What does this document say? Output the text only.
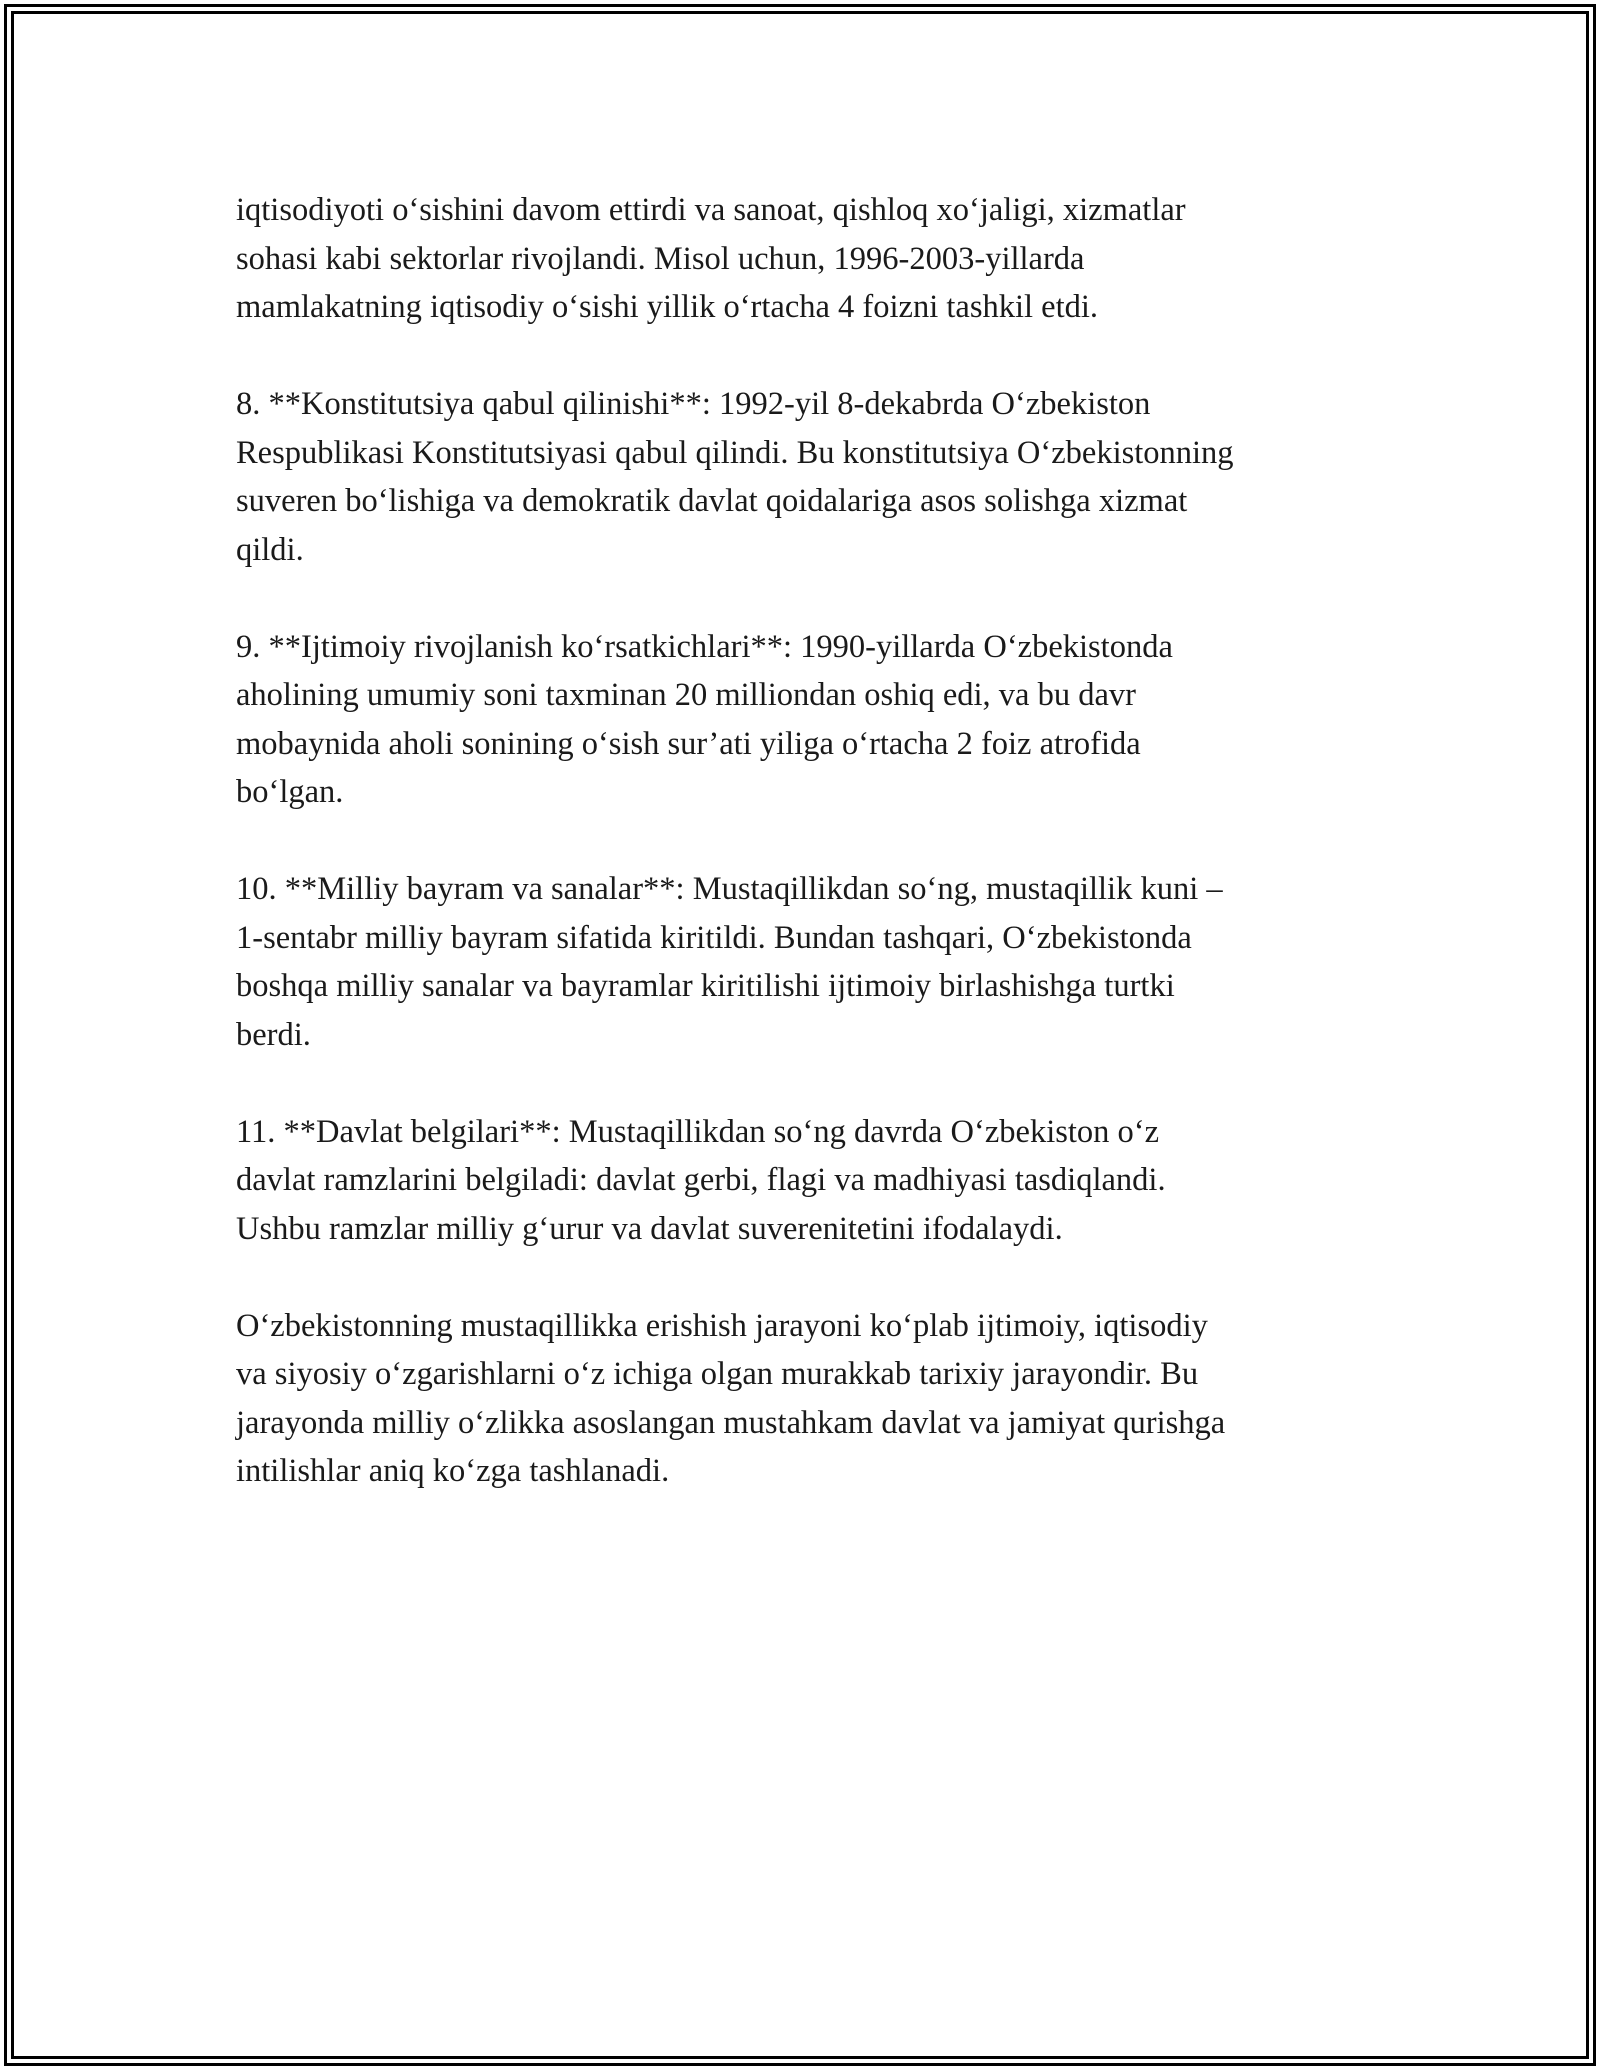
iqtisodiyoti o‘sishini davom ettirdi va sanoat, qishloq xo‘jaligi, xizmatlar
sohasi kabi sektorlar rivojlandi. Misol uchun, 1996-2003-yillarda
mamlakatning iqtisodiy o‘sishi yillik o‘rtacha 4 foizni tashkil etdi.

8. **Konstitutsiya qabul qilinishi**: 1992-yil 8-dekabrda O‘zbekiston
Respublikasi Konstitutsiyasi qabul qilindi. Bu konstitutsiya O‘zbekistonning
suveren bo‘lishiga va demokratik davlat qoidalariga asos solishga xizmat
qildi.

9. **Ijtimoiy rivojlanish ko‘rsatkichlari**: 1990-yillarda O‘zbekistonda
aholining umumiy soni taxminan 20 milliondan oshiq edi, va bu davr
mobaynida aholi sonining o‘sish sur’ati yiliga o‘rtacha 2 foiz atrofida
bo‘lgan.

10. **Milliy bayram va sanalar**: Mustaqillikdan so‘ng, mustaqillik kuni –
1-sentabr milliy bayram sifatida kiritildi. Bundan tashqari, O‘zbekistonda
boshqa milliy sanalar va bayramlar kiritilishi ijtimoiy birlashishga turtki
berdi.

11. **Davlat belgilari**: Mustaqillikdan so‘ng davrda O‘zbekiston o‘z
davlat ramzlarini belgiladi: davlat gerbi, flagi va madhiyasi tasdiqlandi.
Ushbu ramzlar milliy g‘urur va davlat suverenitetini ifodalaydi.

O‘zbekistonning mustaqillikka erishish jarayoni ko‘plab ijtimoiy, iqtisodiy
va siyosiy o‘zgarishlarni o‘z ichiga olgan murakkab tarixiy jarayondir. Bu
jarayonda milliy o‘zlikka asoslangan mustahkam davlat va jamiyat qurishga
intilishlar aniq ko‘zga tashlanadi.
